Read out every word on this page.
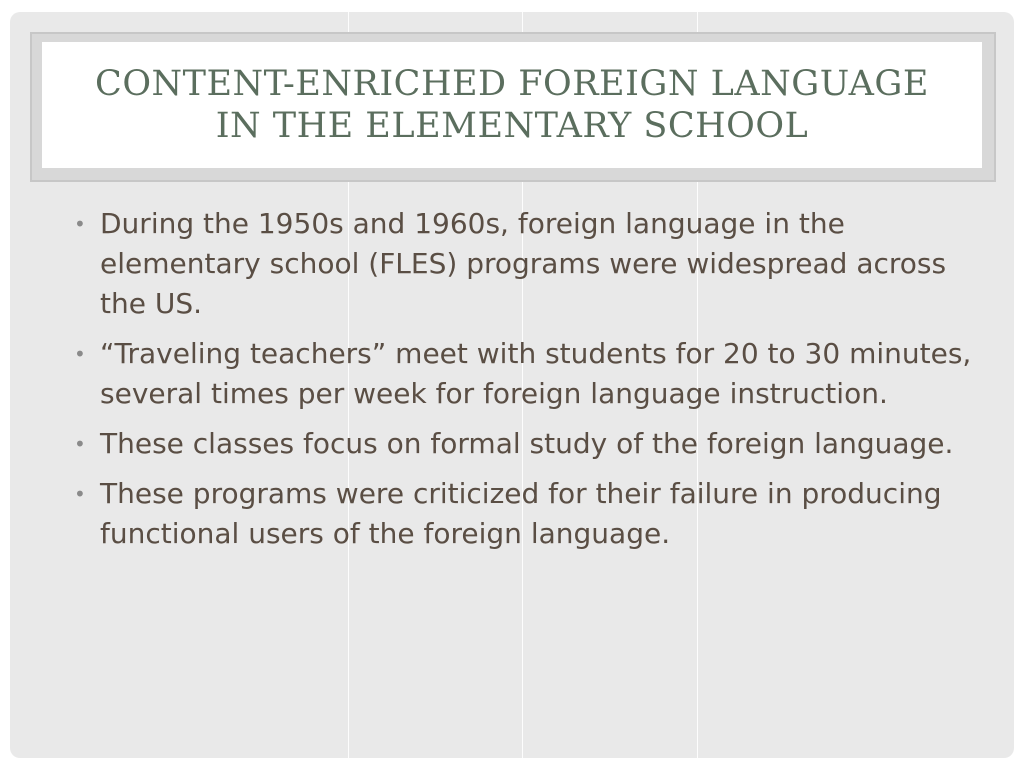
CONTENT-ENRICHED FOREIGN LANGUAGE
IN THE ELEMENTARY SCHOOL
• During the 1950s and 1960s, foreign language in the elementary school (FLES) programs were widespread across the US.
• “Traveling teachers” meet with students for 20 to 30 minutes, several times per week for foreign language instruction.
• These classes focus on formal study of the foreign language.
• These programs were criticized for their failure in producing functional users of the foreign language.
